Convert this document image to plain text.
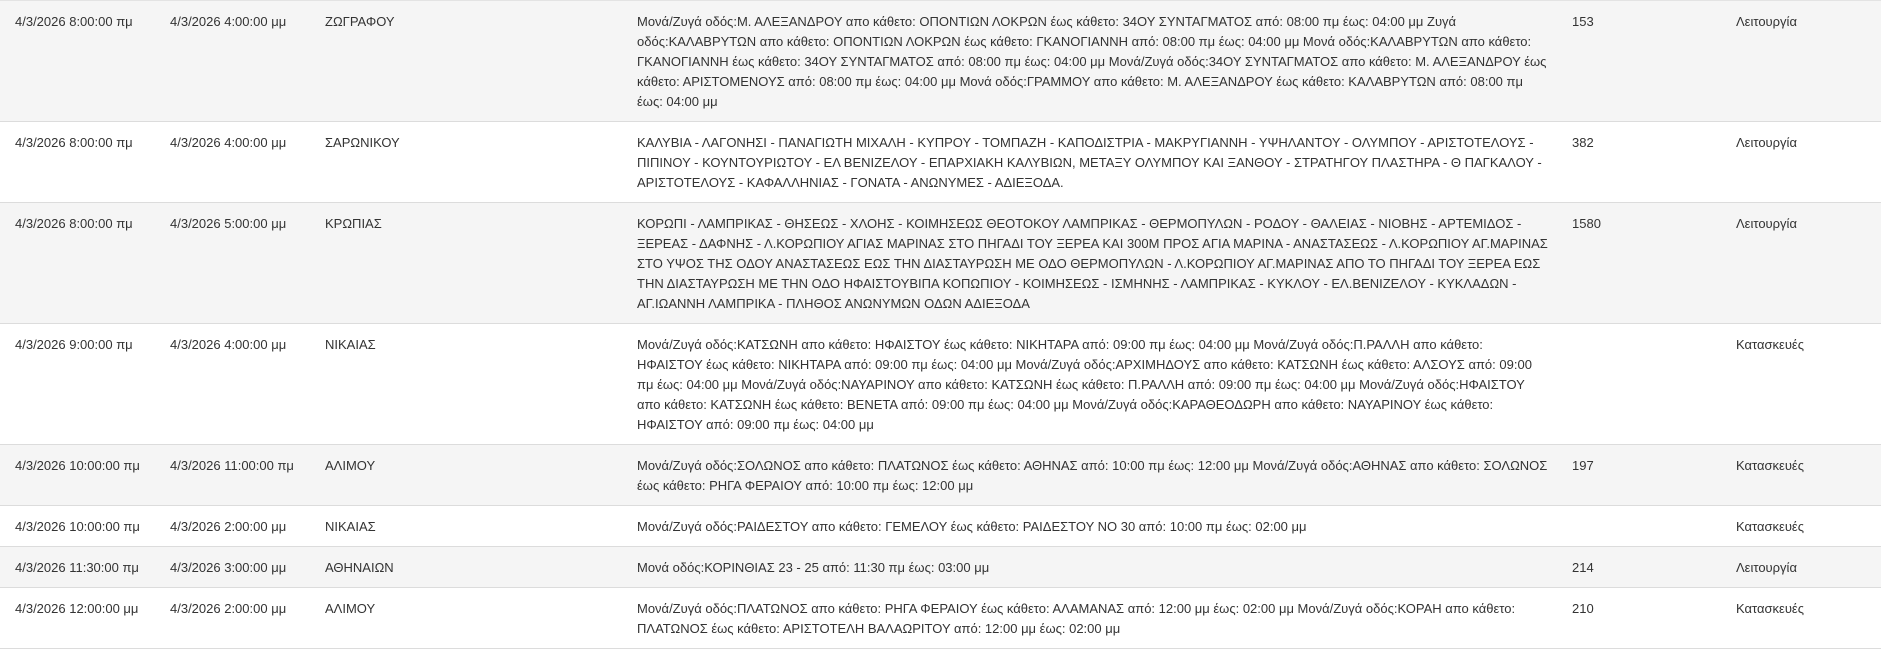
4/3/2026 8:00:00 πμ	4/3/2026 4:00:00 μμ	ΖΩΓΡΑΦΟΥ	Μονά/Ζυγά οδός:Μ. ΑΛΕΞΑΝΔΡΟΥ απο κάθετο: ΟΠΟΝΤΙΩΝ ΛΟΚΡΩΝ έως κάθετο: 34ΟΥ ΣΥΝΤΑΓΜΑΤΟΣ από: 08:00 πμ έως: 04:00 μμ Ζυγά οδός:ΚΑΛΑΒΡΥΤΩΝ απο κάθετο: ΟΠΟΝΤΙΩΝ ΛΟΚΡΩΝ έως κάθετο: ΓΚΑΝΟΓΙΑΝΝΗ από: 08:00 πμ έως: 04:00 μμ Μονά οδός:ΚΑΛΑΒΡΥΤΩΝ απο κάθετο: ΓΚΑΝΟΓΙΑΝΝΗ έως κάθετο: 34ΟΥ ΣΥΝΤΑΓΜΑΤΟΣ από: 08:00 πμ έως: 04:00 μμ Μονά/Ζυγά οδός:34ΟΥ ΣΥΝΤΑΓΜΑΤΟΣ απο κάθετο: Μ. ΑΛΕΞΑΝΔΡΟΥ έως κάθετο: ΑΡΙΣΤΟΜΕΝΟΥΣ από: 08:00 πμ έως: 04:00 μμ Μονά οδός:ΓΡΑΜΜΟΥ απο κάθετο: Μ. ΑΛΕΞΑΝΔΡΟΥ έως κάθετο: ΚΑΛΑΒΡΥΤΩΝ από: 08:00 πμ έως: 04:00 μμ	153	Λειτουργία
4/3/2026 8:00:00 πμ	4/3/2026 4:00:00 μμ	ΣΑΡΩΝΙΚΟΥ	ΚΑΛΥΒΙΑ - ΛΑΓΟΝΗΣΙ - ΠΑΝΑΓΙΩΤΗ ΜΙΧΑΛΗ - ΚΥΠΡΟΥ - ΤΟΜΠΑΖΗ - ΚΑΠΟΔΙΣΤΡΙΑ - ΜΑΚΡΥΓΙΑΝΝΗ - ΥΨΗΛΑΝΤΟΥ - ΟΛΥΜΠΟΥ - ΑΡΙΣΤΟΤΕΛΟΥΣ - ΠΙΠΙΝΟΥ - ΚΟΥΝΤΟΥΡΙΩΤΟΥ - ΕΛ ΒΕΝΙΖΕΛΟΥ - ΕΠΑΡΧΙΑΚΗ ΚΑΛΥΒΙΩΝ, ΜΕΤΑΞΥ ΟΛΥΜΠΟΥ ΚΑΙ ΞΑΝΘΟΥ - ΣΤΡΑΤΗΓΟΥ ΠΛΑΣΤΗΡΑ - Θ ΠΑΓΚΑΛΟΥ - ΑΡΙΣΤΟΤΕΛΟΥΣ - ΚΑΦΑΛΛΗΝΙΑΣ - ΓΟΝΑΤΑ - ΑΝΩΝΥΜΕΣ - ΑΔΙΕΞΟΔΑ.	382	Λειτουργία
4/3/2026 8:00:00 πμ	4/3/2026 5:00:00 μμ	ΚΡΩΠΙΑΣ	ΚΟΡΩΠΙ - ΛΑΜΠΡΙΚΑΣ - ΘΗΣΕΩΣ - ΧΛΟΗΣ - ΚΟΙΜΗΣΕΩΣ ΘΕΟΤΟΚΟΥ ΛΑΜΠΡΙΚΑΣ - ΘΕΡΜΟΠΥΛΩΝ - ΡΟΔΟΥ - ΘΑΛΕΙΑΣ - ΝΙΟΒΗΣ - ΑΡΤΕΜΙΔΟΣ - ΞΕΡΕΑΣ - ΔΑΦΝΗΣ - Λ.ΚΟΡΩΠΙΟΥ ΑΓΙΑΣ ΜΑΡΙΝΑΣ ΣΤΟ ΠΗΓΑΔΙ ΤΟΥ ΞΕΡΕΑ ΚΑΙ 300Μ ΠΡΟΣ ΑΓΙΑ ΜΑΡΙΝΑ - ΑΝΑΣΤΑΣΕΩΣ - Λ.ΚΟΡΩΠΙΟΥ ΑΓ.ΜΑΡΙΝΑΣ ΣΤΟ ΥΨΟΣ ΤΗΣ ΟΔΟΥ ΑΝΑΣΤΑΣΕΩΣ ΕΩΣ ΤΗΝ ΔΙΑΣΤΑΥΡΩΣΗ ΜΕ ΟΔΟ ΘΕΡΜΟΠΥΛΩΝ - Λ.ΚΟΡΩΠΙΟΥ ΑΓ.ΜΑΡΙΝΑΣ ΑΠΟ ΤΟ ΠΗΓΑΔΙ ΤΟΥ ΞΕΡΕΑ ΕΩΣ ΤΗΝ ΔΙΑΣΤΑΥΡΩΣΗ ΜΕ ΤΗΝ ΟΔΟ ΗΦΑΙΣΤΟΥΒΙΠΑ ΚΟΠΩΠΙΟΥ - ΚΟΙΜΗΣΕΩΣ - ΙΣΜΗΝΗΣ - ΛΑΜΠΡΙΚΑΣ - ΚΥΚΛΟΥ - ΕΛ.ΒΕΝΙΖΕΛΟΥ - ΚΥΚΛΑΔΩΝ - ΑΓ.ΙΩΑΝΝΗ ΛΑΜΠΡΙΚΑ - ΠΛΗΘΟΣ ΑΝΩΝΥΜΩΝ ΟΔΩΝ ΑΔΙΕΞΟΔΑ	1580	Λειτουργία
4/3/2026 9:00:00 πμ	4/3/2026 4:00:00 μμ	ΝΙΚΑΙΑΣ	Μονά/Ζυγά οδός:ΚΑΤΣΩΝΗ απο κάθετο: ΗΦΑΙΣΤΟΥ έως κάθετο: ΝΙΚΗΤΑΡΑ από: 09:00 πμ έως: 04:00 μμ Μονά/Ζυγά οδός:Π.ΡΑΛΛΗ απο κάθετο: ΗΦΑΙΣΤΟΥ έως κάθετο: ΝΙΚΗΤΑΡΑ από: 09:00 πμ έως: 04:00 μμ Μονά/Ζυγά οδός:ΑΡΧΙΜΗΔΟΥΣ απο κάθετο: ΚΑΤΣΩΝΗ έως κάθετο: ΑΛΣΟΥΣ από: 09:00 πμ έως: 04:00 μμ Μονά/Ζυγά οδός:ΝΑΥΑΡΙΝΟΥ απο κάθετο: ΚΑΤΣΩΝΗ έως κάθετο: Π.ΡΑΛΛΗ από: 09:00 πμ έως: 04:00 μμ Μονά/Ζυγά οδός:ΗΦΑΙΣΤΟΥ απο κάθετο: ΚΑΤΣΩΝΗ έως κάθετο: ΒΕΝΕΤΑ από: 09:00 πμ έως: 04:00 μμ Μονά/Ζυγά οδός:ΚΑΡΑΘΕΟΔΩΡΗ απο κάθετο: ΝΑΥΑΡΙΝΟΥ έως κάθετο: ΗΦΑΙΣΤΟΥ από: 09:00 πμ έως: 04:00 μμ		Κατασκευές
4/3/2026 10:00:00 πμ	4/3/2026 11:00:00 πμ	ΑΛΙΜΟΥ	Μονά/Ζυγά οδός:ΣΟΛΩΝΟΣ απο κάθετο: ΠΛΑΤΩΝΟΣ έως κάθετο: ΑΘΗΝΑΣ από: 10:00 πμ έως: 12:00 μμ Μονά/Ζυγά οδός:ΑΘΗΝΑΣ απο κάθετο: ΣΟΛΩΝΟΣ έως κάθετο: ΡΗΓΑ ΦΕΡΑΙΟΥ από: 10:00 πμ έως: 12:00 μμ	197	Κατασκευές
4/3/2026 10:00:00 πμ	4/3/2026 2:00:00 μμ	ΝΙΚΑΙΑΣ	Μονά/Ζυγά οδός:ΡΑΙΔΕΣΤΟΥ απο κάθετο: ΓΕΜΕΛΟΥ έως κάθετο: ΡΑΙΔΕΣΤΟΥ ΝΟ 30 από: 10:00 πμ έως: 02:00 μμ		Κατασκευές
4/3/2026 11:30:00 πμ	4/3/2026 3:00:00 μμ	ΑΘΗΝΑΙΩΝ	Μονά οδός:ΚΟΡΙΝΘΙΑΣ 23 - 25 από: 11:30 πμ έως: 03:00 μμ	214	Λειτουργία
4/3/2026 12:00:00 μμ	4/3/2026 2:00:00 μμ	ΑΛΙΜΟΥ	Μονά/Ζυγά οδός:ΠΛΑΤΩΝΟΣ απο κάθετο: ΡΗΓΑ ΦΕΡΑΙΟΥ έως κάθετο: ΑΛΑΜΑΝΑΣ από: 12:00 μμ έως: 02:00 μμ Μονά/Ζυγά οδός:ΚΟΡΑΗ απο κάθετο: ΠΛΑΤΩΝΟΣ έως κάθετο: ΑΡΙΣΤΟΤΕΛΗ ΒΑΛΑΩΡΙΤΟΥ από: 12:00 μμ έως: 02:00 μμ	210	Κατασκευές
